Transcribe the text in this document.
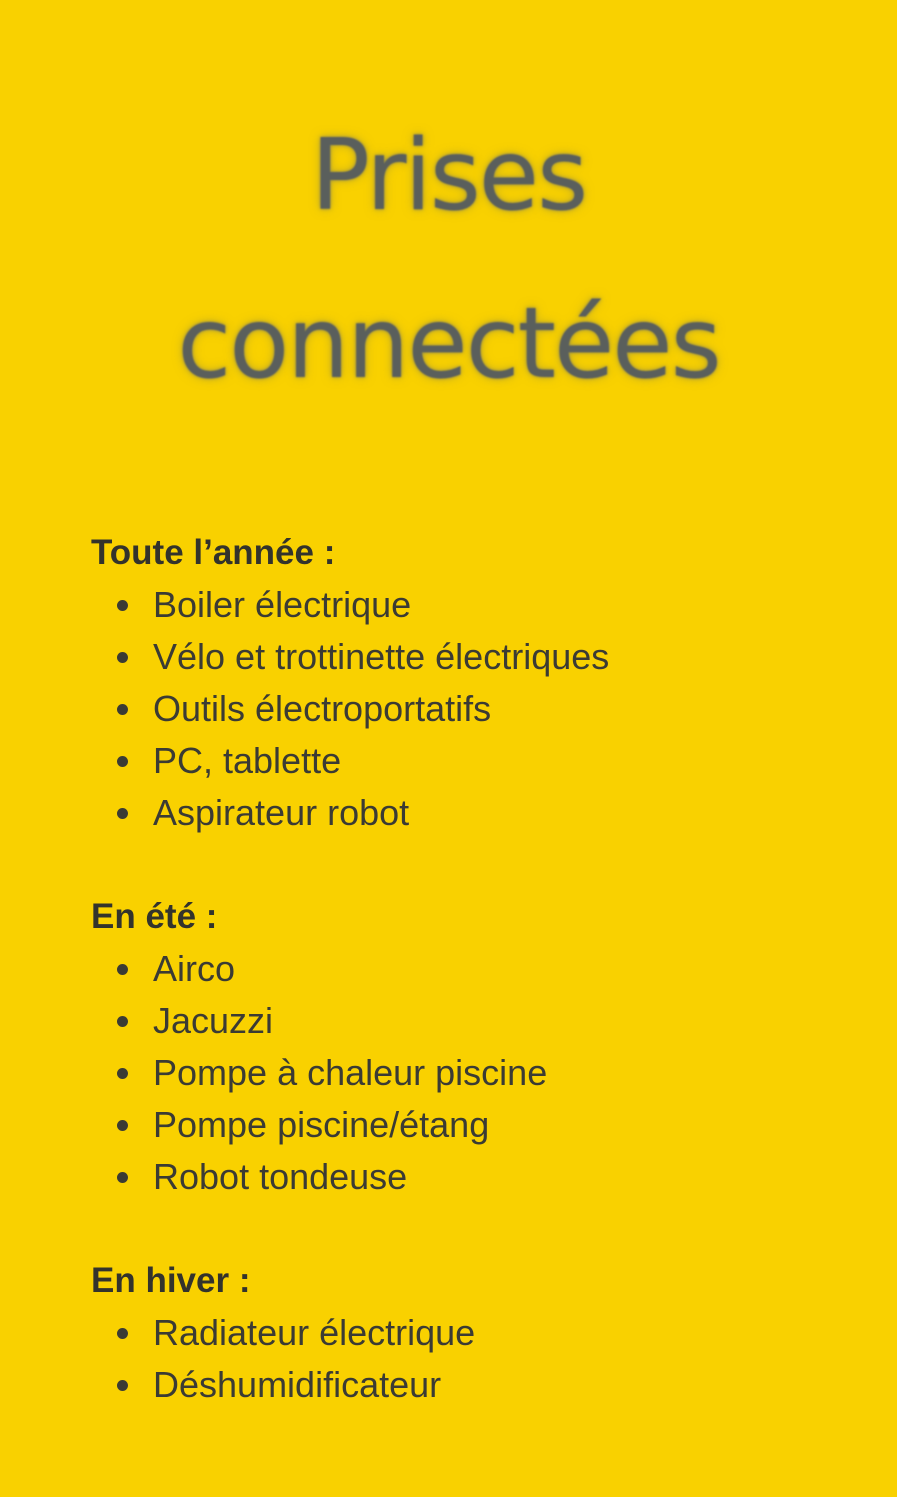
Prises
connectées

Toute l’année :

Boiler électrique
Vélo et trottinette électriques
Outils électroportatifs
PC, tablette
Aspirateur robot

En été :

Airco
Jacuzzi
Pompe à chaleur piscine
Pompe piscine/étang
Robot tondeuse

En hiver :

Radiateur électrique
Déshumidificateur
